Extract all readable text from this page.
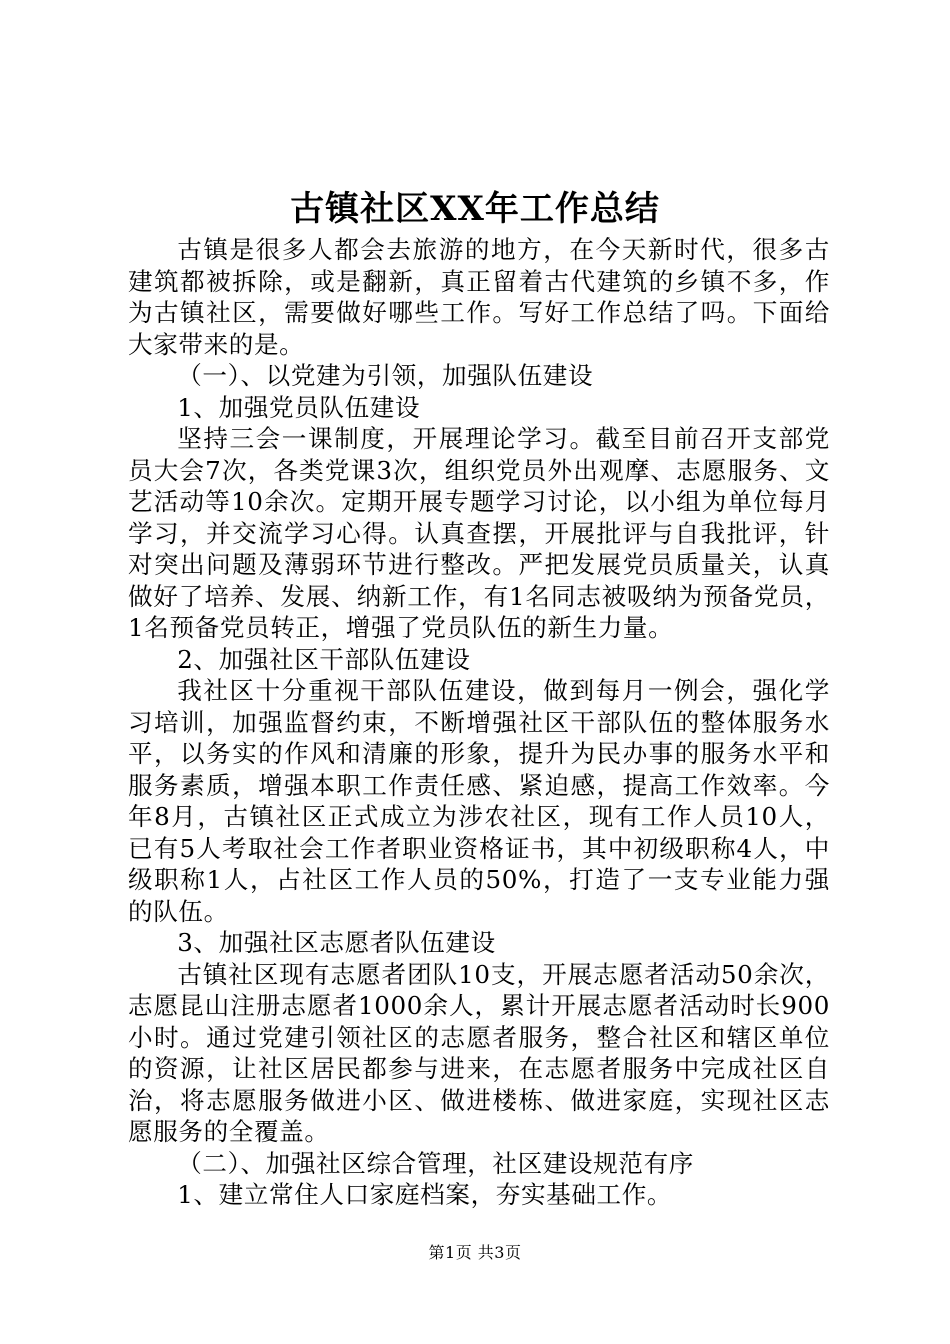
古镇社区XX年工作总结

古镇是很多人都会去旅游的地方，在今天新时代，很多古建筑都被拆除，或是翻新，真正留着古代建筑的乡镇不多，作为古镇社区，需要做好哪些工作。写好工作总结了吗。下面给大家带来的是。

（一）、以党建为引领，加强队伍建设

1、加强党员队伍建设

坚持三会一课制度，开展理论学习。截至目前召开支部党员大会7次，各类党课3次，组织党员外出观摩、志愿服务、文艺活动等10余次。定期开展专题学习讨论，以小组为单位每月学习，并交流学习心得。认真查摆，开展批评与自我批评，针对突出问题及薄弱环节进行整改。严把发展党员质量关，认真做好了培养、发展、纳新工作，有1名同志被吸纳为预备党员，1名预备党员转正，增强了党员队伍的新生力量。

2、加强社区干部队伍建设

我社区十分重视干部队伍建设，做到每月一例会，强化学习培训，加强监督约束，不断增强社区干部队伍的整体服务水平，以务实的作风和清廉的形象，提升为民办事的服务水平和服务素质，增强本职工作责任感、紧迫感，提高工作效率。今年8月，古镇社区正式成立为涉农社区，现有工作人员10人，已有5人考取社会工作者职业资格证书，其中初级职称4人，中级职称1人，占社区工作人员的50%，打造了一支专业能力强的队伍。

3、加强社区志愿者队伍建设

古镇社区现有志愿者团队10支，开展志愿者活动50余次，志愿昆山注册志愿者1000余人，累计开展志愿者活动时长900小时。通过党建引领社区的志愿者服务，整合社区和辖区单位的资源，让社区居民都参与进来，在志愿者服务中完成社区自治，将志愿服务做进小区、做进楼栋、做进家庭，实现社区志愿服务的全覆盖。

（二）、加强社区综合管理，社区建设规范有序

1、建立常住人口家庭档案，夯实基础工作。

第1页 共3页
